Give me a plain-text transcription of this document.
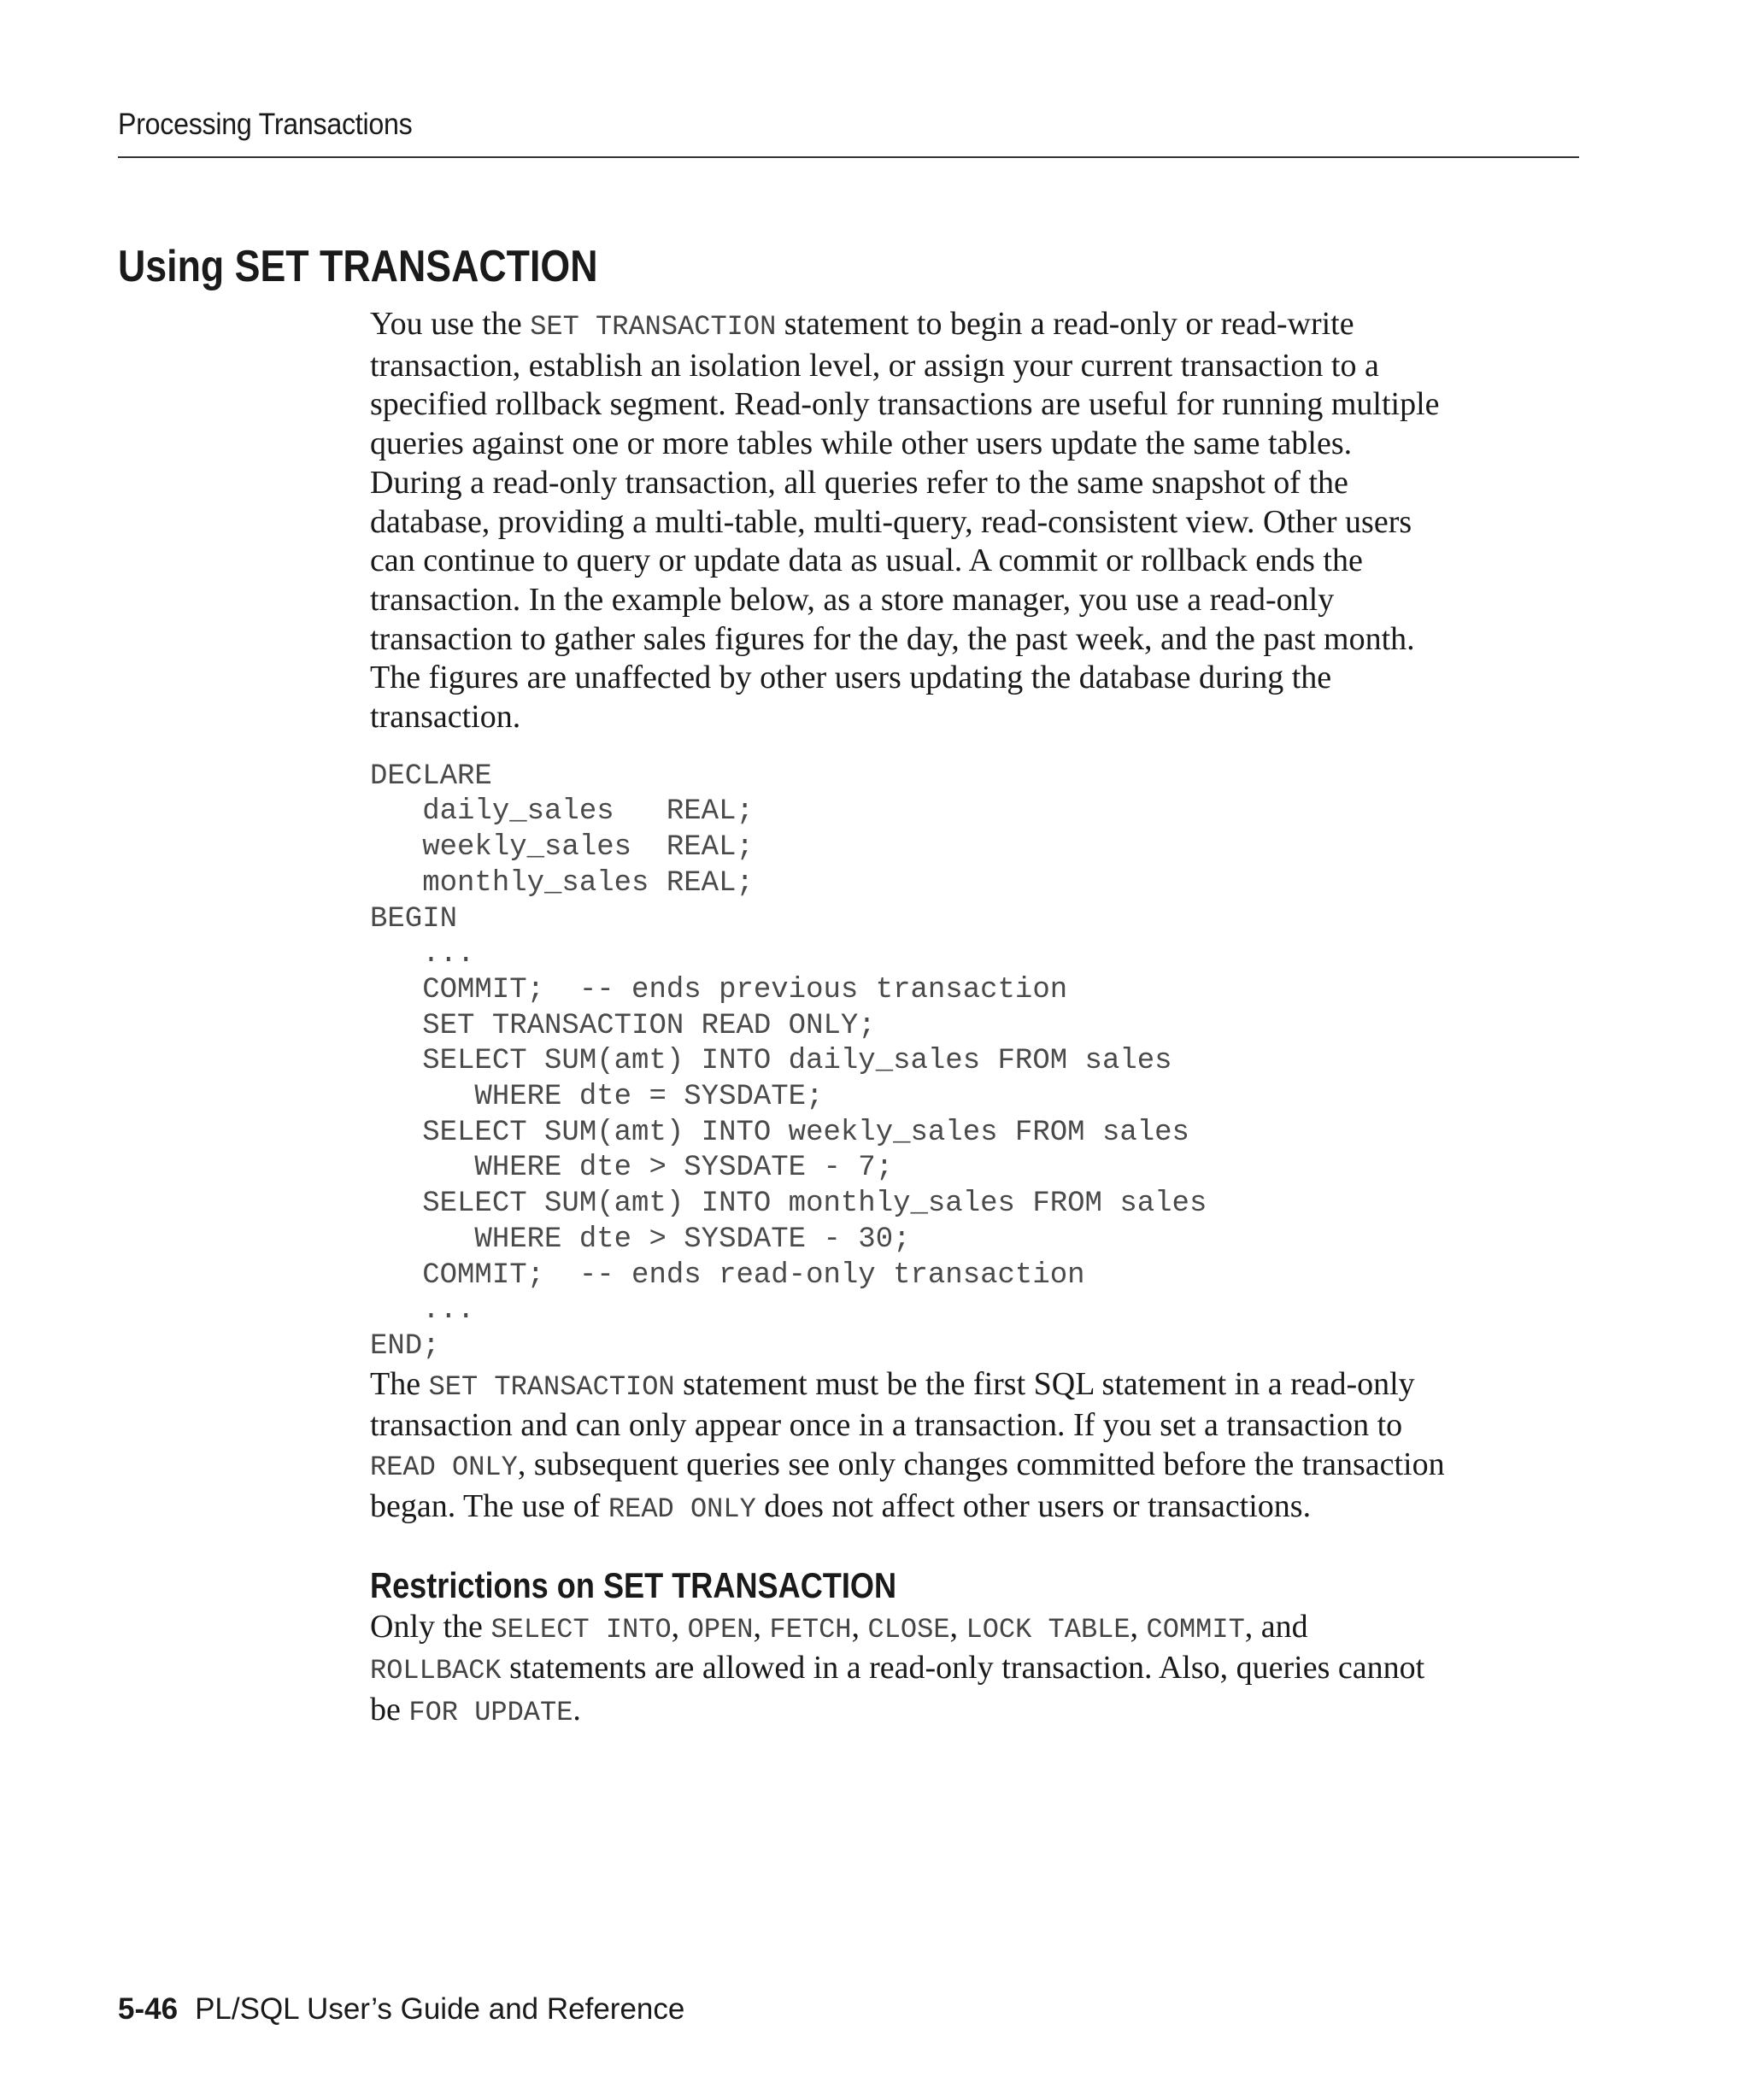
Processing Transactions
Using SET TRANSACTION

You use the SET TRANSACTION statement to begin a read-only or read-write
transaction, establish an isolation level, or assign your current transaction to a
specified rollback segment. Read-only transactions are useful for running multiple
queries against one or more tables while other users update the same tables.

During a read-only transaction, all queries refer to the same snapshot of the
database, providing a multi-table, multi-query, read-consistent view. Other users
can continue to query or update data as usual. A commit or rollback ends the
transaction. In the example below, as a store manager, you use a read-only
transaction to gather sales figures for the day, the past week, and the past month.
The figures are unaffected by other users updating the database during the
transaction.

DECLARE
daily_sales   REAL;
weekly_sales  REAL;
monthly_sales REAL;
BEGIN
...
COMMIT;  -- ends previous transaction
SET TRANSACTION READ ONLY;
SELECT SUM(amt) INTO daily_sales FROM sales
WHERE dte = SYSDATE;
SELECT SUM(amt) INTO weekly_sales FROM sales
WHERE dte > SYSDATE - 7;
SELECT SUM(amt) INTO monthly_sales FROM sales
WHERE dte > SYSDATE - 30;
COMMIT;  -- ends read-only transaction
...
END;

The SET TRANSACTION statement must be the first SQL statement in a read-only
transaction and can only appear once in a transaction. If you set a transaction to
READ ONLY, subsequent queries see only changes committed before the transaction
began. The use of READ ONLY does not affect other users or transactions.

Restrictions on SET TRANSACTION

Only the SELECT INTO, OPEN, FETCH, CLOSE, LOCK TABLE, COMMIT, and
ROLLBACK statements are allowed in a read-only transaction. Also, queries cannot
be FOR UPDATE.

5-46 PL/SQL User’s Guide and Reference
